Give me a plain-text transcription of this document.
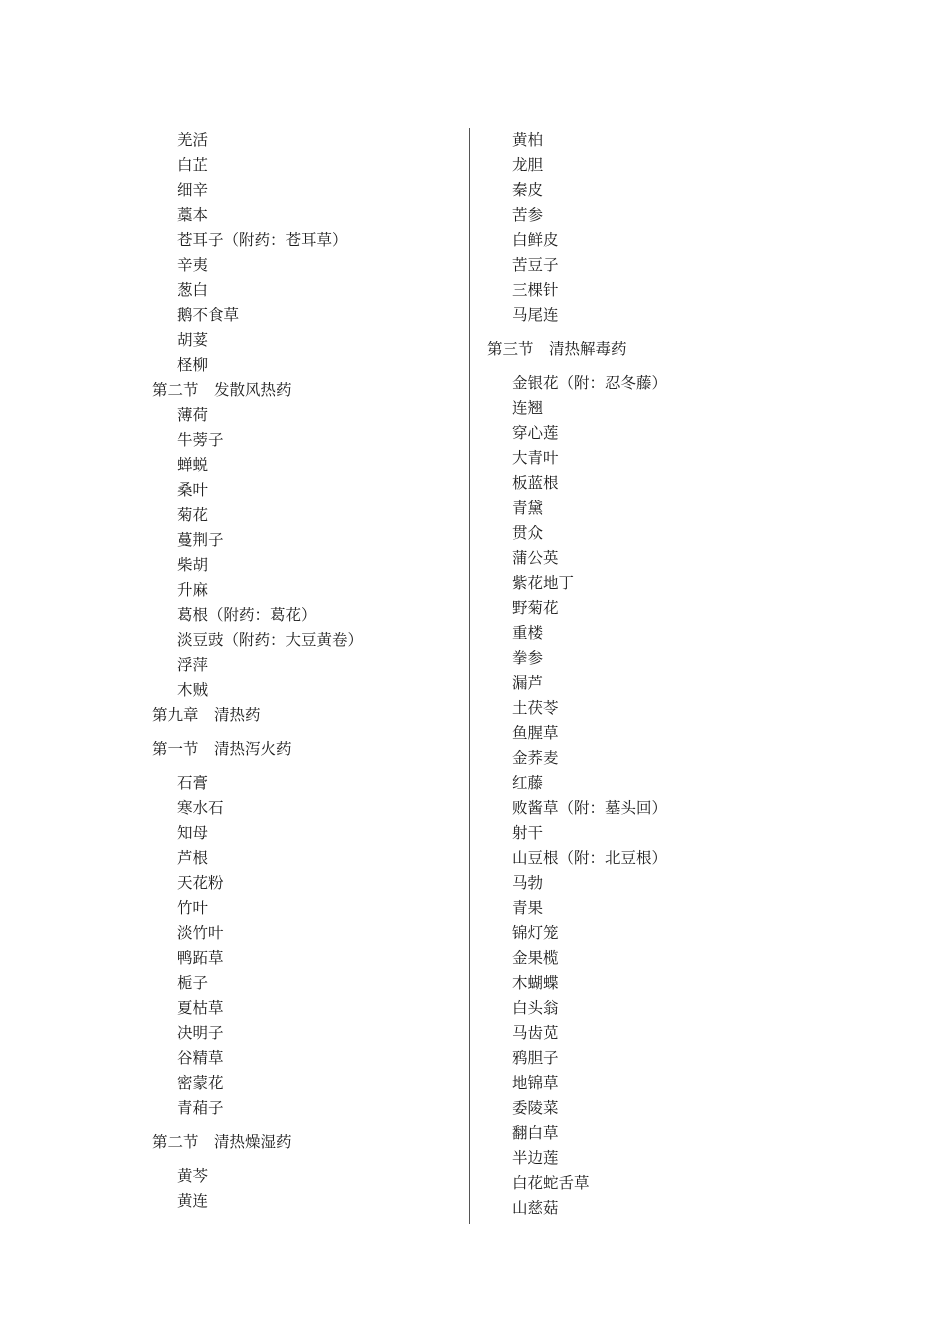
羌活
白芷
细辛
藁本
苍耳子（附药：苍耳草）
辛夷
葱白
鹅不食草
胡荽
柽柳
第二节　发散风热药
薄荷
牛蒡子
蝉蜕
桑叶
菊花
蔓荆子
柴胡
升麻
葛根（附药：葛花）
淡豆豉（附药：大豆黄卷）
浮萍
木贼
第九章　清热药
第一节　清热泻火药
石膏
寒水石
知母
芦根
天花粉
竹叶
淡竹叶
鸭跖草
栀子
夏枯草
决明子
谷精草
密蒙花
青葙子
第二节　清热燥湿药
黄芩
黄连
黄柏
龙胆
秦皮
苦参
白鲜皮
苦豆子
三棵针
马尾连
第三节　清热解毒药
金银花（附：忍冬藤）
连翘
穿心莲
大青叶
板蓝根
青黛
贯众
蒲公英
紫花地丁
野菊花
重楼
拳参
漏芦
土茯苓
鱼腥草
金荞麦
红藤
败酱草（附：墓头回）
射干
山豆根（附：北豆根）
马勃
青果
锦灯笼
金果榄
木蝴蝶
白头翁
马齿苋
鸦胆子
地锦草
委陵菜
翻白草
半边莲
白花蛇舌草
山慈菇
